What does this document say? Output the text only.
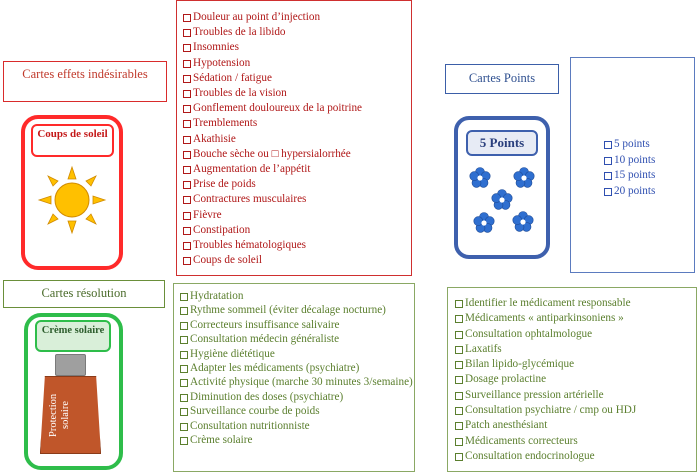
Cartes effets indésirables	Cartes Points
Cartes résolution
Douleur au point d’injection
Troubles de la libido
Insomnies
Hypotension
Sédation / fatigue
Troubles de la vision
Gonflement douloureux de la poitrine
Tremblements
Akathisie
Bouche sèche ou □ hypersialorrhée
Augmentation de l’appétit
Prise de poids
Contractures musculaires
Fièvre
Constipation
Troubles hématologiques
Coups de soleil
5 points
10 points
15 points
20 points
Hydratation
Rythme sommeil (éviter décalage nocturne)
Correcteurs insuffisance salivaire
Consultation médecin généraliste
Hygiène diététique
Adapter les médicaments (psychiatre)
Activité physique (marche 30 minutes 3/semaine)
Diminution des doses (psychiatre)
Surveillance courbe de poids
Consultation nutritionniste
Crème solaire
Identifier le médicament responsable
Médicaments « antiparkinsoniens »
Consultation ophtalmologue
Laxatifs
Bilan lipido-glycémique
Dosage prolactine
Surveillance pression artérielle
Consultation psychiatre / cmp ou HDJ
Patch anesthésiant
Médicaments correcteurs
Consultation endocrinologue
Coups de soleil
5 Points
Crème solaire
Protection solaire
